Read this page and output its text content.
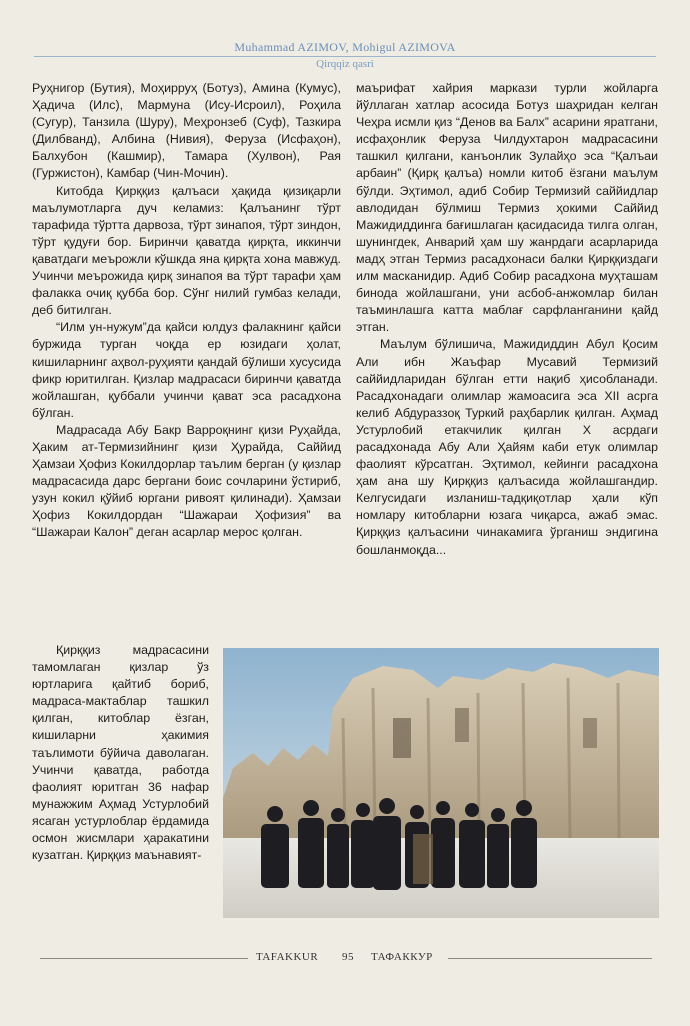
Muhammad AZIMOV, Mohigul AZIMOVA
Qirqqiz qasri

Руҳнигор (Бутия), Моҳирруҳ (Ботуз), Амина (Кумус), Ҳадича (Илс), Мармуна (Ису-Исроил), Роҳила (Сугур), Танзила (Шуру), Меҳронзеб (Суф), Тазкира (Дилбванд), Албина (Нивия), Феруза (Исфаҳон), Балхубон (Кашмир), Тамара (Хулвон), Рая (Гуржистон), Камбар (Чин-Мочин).

Китобда Қирққиз қалъаси ҳақида қизиқарли маълумотларга дуч келамиз: Қалъанинг тўрт тарафида тўртта дарвоза, тўрт зинапоя, тўрт зиндон, тўрт қудуғи бор. Биринчи қаватда қирқта, иккинчи қаватдаги меърожли кўшкда яна қирқта хона мавжуд. Учинчи меърожида қирқ зинапоя ва тўрт тарафи ҳам фалакка очиқ қубба бор. Сўнг нилий гумбаз келади, деб битилган.

“Илм ун-нужум”да қайси юлдуз фалакнинг қайси буржида турган чоқда ер юзидаги ҳолат, кишиларнинг аҳвол-руҳияти қандай бўлиши хусусида фикр юритилган. Қизлар мадрасаси биринчи қаватда жойлашган, қуббали учинчи қават эса расадхона бўлган.

Мадрасада Абу Бакр Варроқнинг қизи Руҳайда, Ҳаким ат-Термизийнинг қизи Ҳурайда, Саййид Ҳамзаи Ҳофиз Кокилдорлар таълим берган (у қизлар мадрасасида дарс бергани боис сочларини ўстириб, узун кокил қўйиб юргани ривоят қилинади). Ҳамзаи Ҳофиз Кокилдордан “Шажараи Ҳофизия” ва “Шажараи Калон” деган асарлар мерос қолган.

Қирққиз мадрасасини тамомлаган қизлар ўз юртларига қайтиб бориб, мадраса-мактаблар ташкил қилган, китоблар ёзган, кишиларни ҳакимия таълимоти бўйича даволаган. Учинчи қаватда, работда фаолият юритган 36 нафар мунажжим Аҳмад Устурлобий ясаган устурлоблар ёрдамида осмон жисмлари ҳаракатини кузатган. Қирққиз маънавият-

маърифат хайрия маркази турли жойларга йўллаган хатлар асосида Ботуз шаҳридан келган Чеҳра исмли қиз “Денов ва Балх” асарини яратгани, исфаҳонлик Феруза Чилдухтарон мадрасасини ташкил қилгани, канъонлик Зулайҳо эса “Қалъаи арбаин” (Қирқ қалъа) номли китоб ёзгани маълум бўлди. Эҳтимол, адиб Собир Термизий саййидлар авлодидан бўлмиш Термиз ҳокими Саййид Мажидиддинга бағишлаган қасидасида тилга олган, шунингдек, Анварий ҳам шу жанрдаги асарларида мадҳ этган Термиз расадхонаси балки Қирққиздаги илм масканидир. Адиб Собир расадхона муҳташам бинода жойлашгани, уни асбоб-анжомлар билан таъминлашга катта маблағ сарфланганини қайд этган.

Маълум бўлишича, Мажидиддин Абул Қосим Али ибн Жаъфар Мусавий Термизий саййидларидан бўлган етти нақиб ҳисобланади. Расадхонадаги олимлар жамоасига эса XII асрга келиб Абдураззоқ Туркий раҳбарлик қилган. Аҳмад Устурлобий етакчилик қилган X асрдаги расадхонада Абу Али Ҳайям каби етук олимлар фаолият кўрсатган. Эҳтимол, кейинги расадхона ҳам ана шу Қирққиз қалъасида жойлашгандир. Келгусидаги изланиш-тадқиқотлар ҳали кўп номлару китобларни юзага чиқарса, ажаб эмас. Қирққиз қалъасини чинакамига ўрганиш эндигина бошланмоқда...

TAFAKKUR 95 ТАФАККУР
